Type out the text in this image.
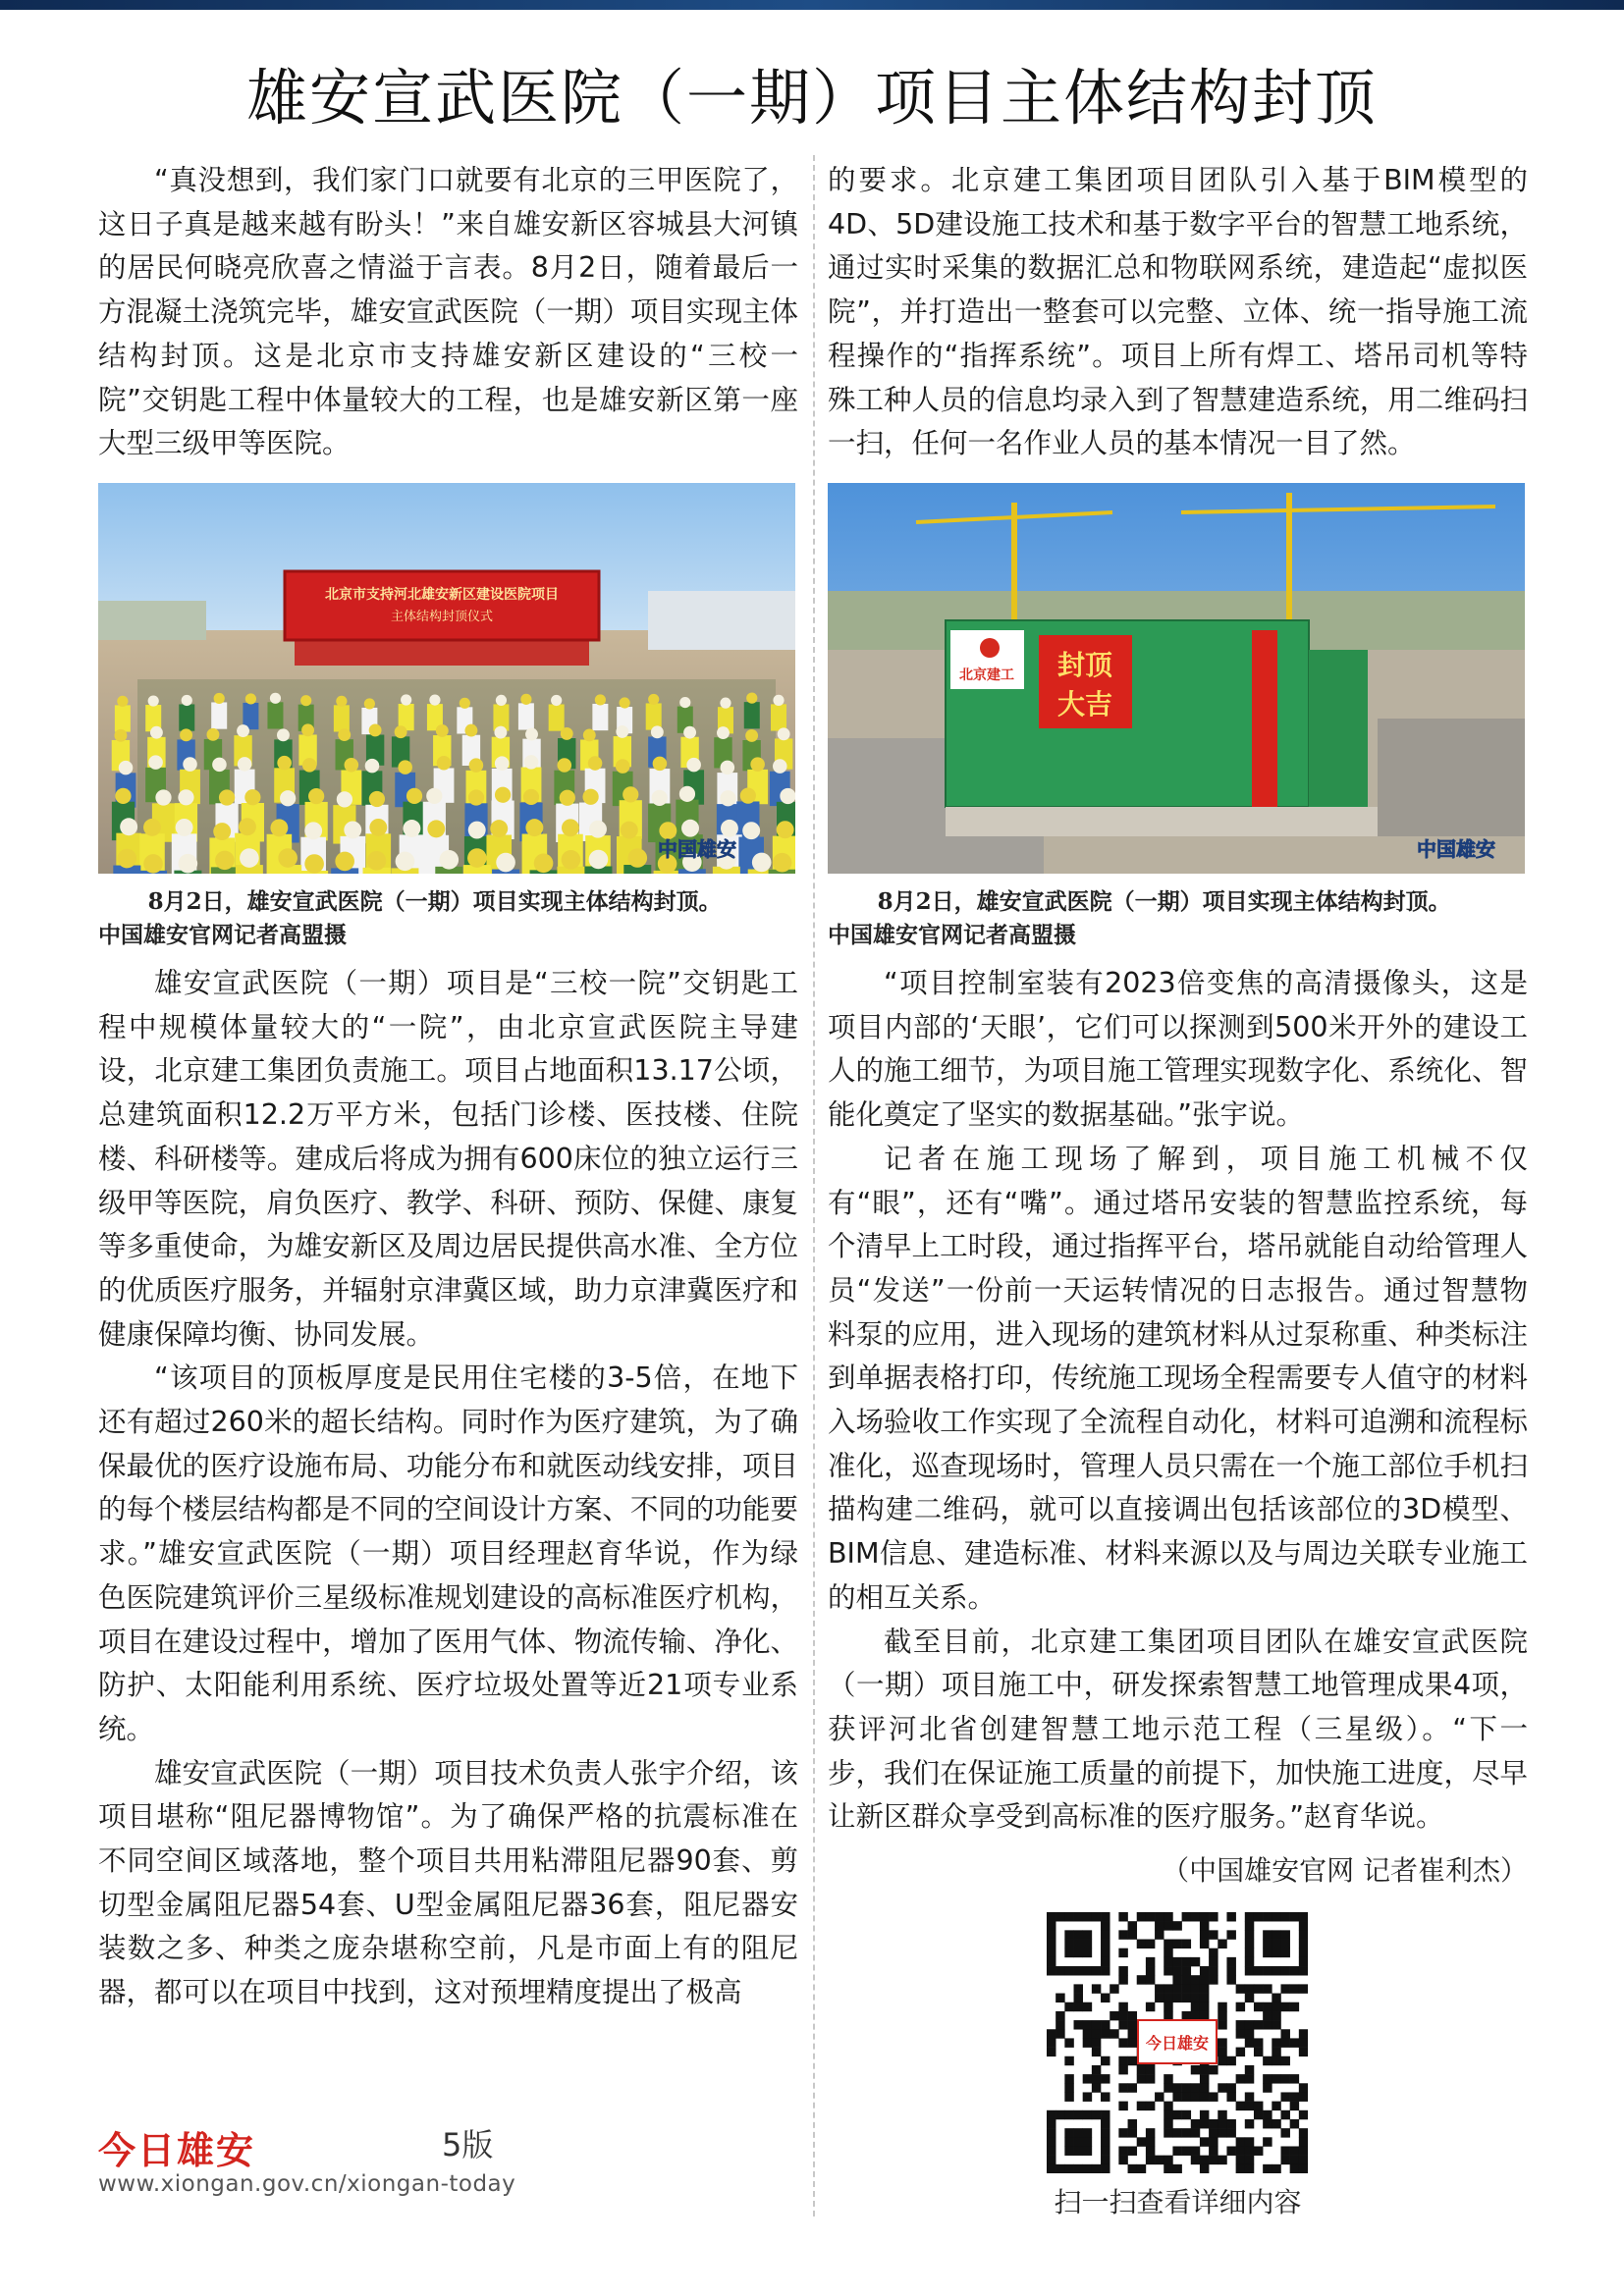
雄安宣武医院（一期）项目主体结构封顶

“真没想到，我们家门口就要有北京的三甲医院了，这日子真是越来越有盼头！”来自雄安新区容城县大河镇的居民何晓亮欣喜之情溢于言表。8月2日，随着最后一方混凝土浇筑完毕，雄安宣武医院（一期）项目实现主体结构封顶。这是北京市支持雄安新区建设的“三校一院”交钥匙工程中体量较大的工程，也是雄安新区第一座大型三级甲等医院。

的要求。北京建工集团项目团队引入基于BIM模型的4D、5D建设施工技术和基于数字平台的智慧工地系统，通过实时采集的数据汇总和物联网系统，建造起“虚拟医院”，并打造出一整套可以完整、立体、统一指导施工流程操作的“指挥系统”。项目上所有焊工、塔吊司机等特殊工种人员的信息均录入到了智慧建造系统，用二维码扫一扫，任何一名作业人员的基本情况一目了然。

北京市支持河北雄安新区建设医院项目
主体结构封顶仪式
中国雄安
北京建工 封顶
大吉
中国雄安
8月2日，雄安宣武医院（一期）项目实现主体结构封顶。
中国雄安官网记者高盟摄
8月2日，雄安宣武医院（一期）项目实现主体结构封顶。
中国雄安官网记者高盟摄

雄安宣武医院（一期）项目是“三校一院”交钥匙工程中规模体量较大的“一院”，由北京宣武医院主导建设，北京建工集团负责施工。项目占地面积13.17公顷，总建筑面积12.2万平方米，包括门诊楼、医技楼、住院楼、科研楼等。建成后将成为拥有600床位的独立运行三级甲等医院，肩负医疗、教学、科研、预防、保健、康复等多重使命，为雄安新区及周边居民提供高水准、全方位的优质医疗服务，并辐射京津冀区域，助力京津冀医疗和健康保障均衡、协同发展。

“该项目的顶板厚度是民用住宅楼的3-5倍，在地下还有超过260米的超长结构。同时作为医疗建筑，为了确保最优的医疗设施布局、功能分布和就医动线安排，项目的每个楼层结构都是不同的空间设计方案、不同的功能要求。”雄安宣武医院（一期）项目经理赵育华说，作为绿色医院建筑评价三星级标准规划建设的高标准医疗机构，项目在建设过程中，增加了医用气体、物流传输、净化、防护、太阳能利用系统、医疗垃圾处置等近21项专业系统。

雄安宣武医院（一期）项目技术负责人张宇介绍，该项目堪称“阻尼器博物馆”。为了确保严格的抗震标准在不同空间区域落地，整个项目共用粘滞阻尼器90套、剪切型金属阻尼器54套、U型金属阻尼器36套，阻尼器安装数之多、种类之庞杂堪称空前，凡是市面上有的阻尼器，都可以在项目中找到，这对预埋精度提出了极高

“项目控制室装有2023倍变焦的高清摄像头，这是项目内部的‘天眼’，它们可以探测到500米开外的建设工人的施工细节，为项目施工管理实现数字化、系统化、智能化奠定了坚实的数据基础。”张宇说。

记者在施工现场了解到，项目施工机械不仅有“眼”，还有“嘴”。通过塔吊安装的智慧监控系统，每个清早上工时段，通过指挥平台，塔吊就能自动给管理人员“发送”一份前一天运转情况的日志报告。通过智慧物料泵的应用，进入现场的建筑材料从过泵称重、种类标注到单据表格打印，传统施工现场全程需要专人值守的材料入场验收工作实现了全流程自动化，材料可追溯和流程标准化，巡查现场时，管理人员只需在一个施工部位手机扫描构建二维码，就可以直接调出包括该部位的3D模型、BIM信息、建造标准、材料来源以及与周边关联专业施工的相互关系。

截至目前，北京建工集团项目团队在雄安宣武医院（一期）项目施工中，研发探索智慧工地管理成果4项，获评河北省创建智慧工地示范工程（三星级）。“下一步，我们在保证施工质量的前提下，加快施工进度，尽早让新区群众享受到高标准的医疗服务。”赵育华说。

（中国雄安官网 记者崔利杰）
今日雄安
扫一扫查看详细内容
今日雄安	5版
www.xiongan.gov.cn/xiongan-today
